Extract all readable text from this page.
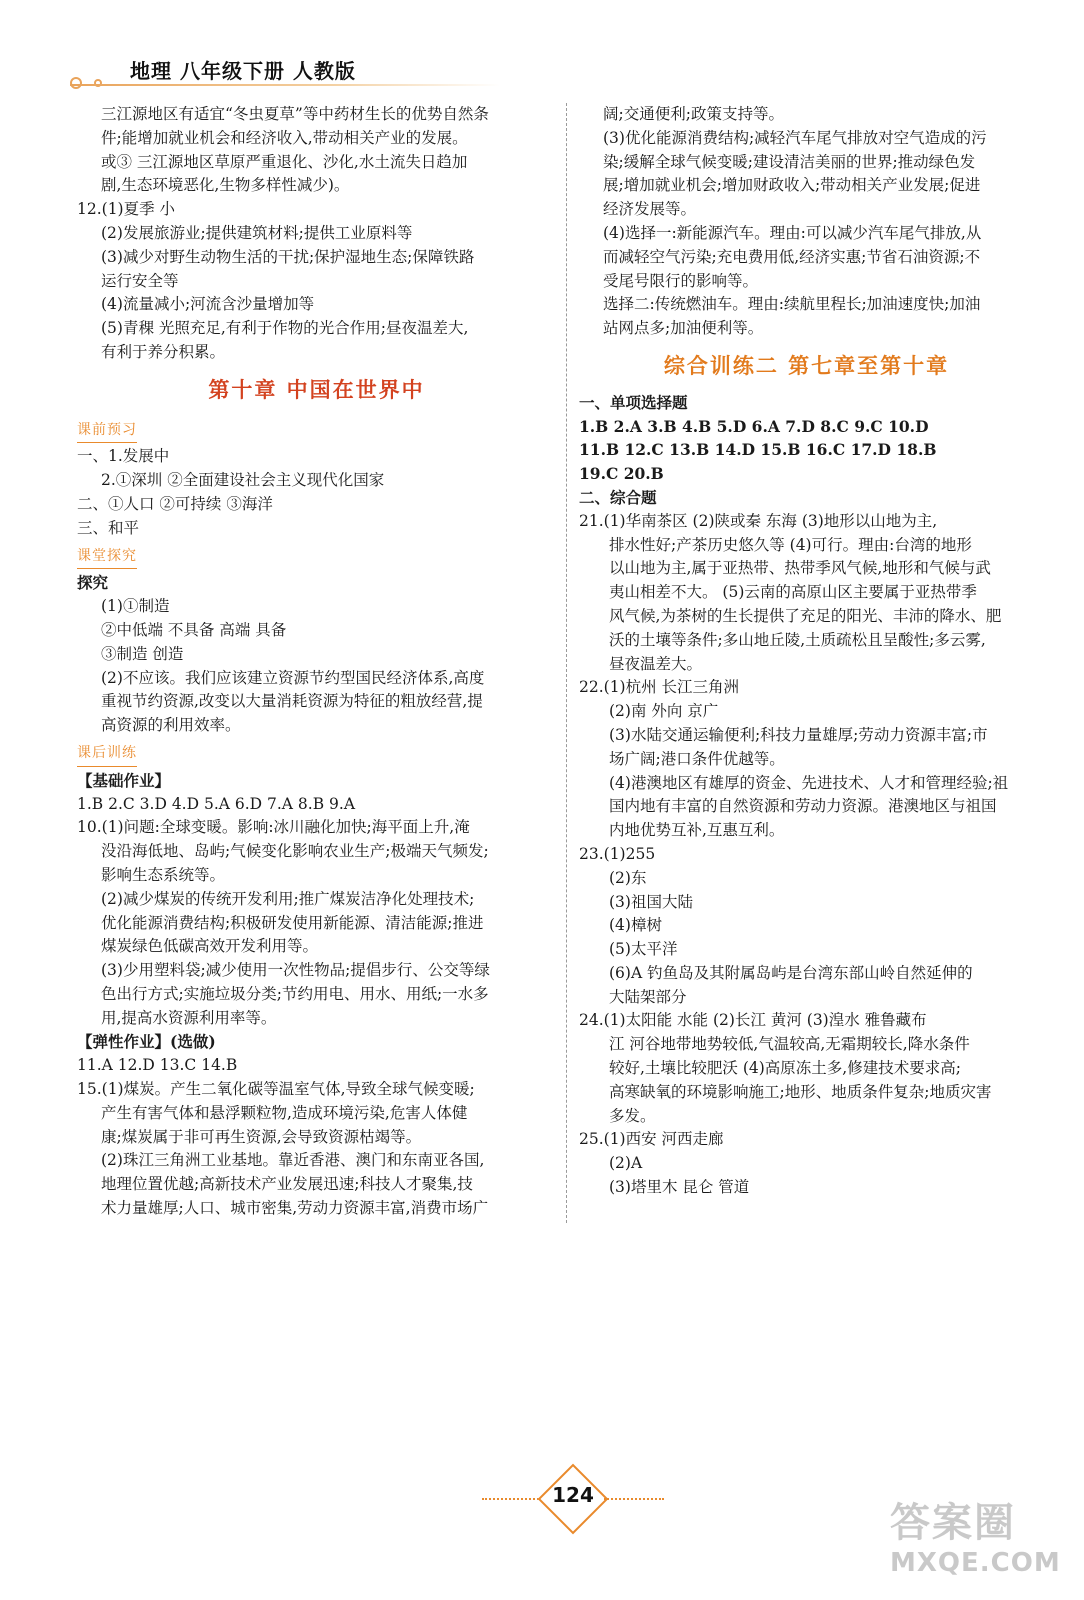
地理 八年级下册 人教版
三江源地区有适宜“冬虫夏草”等中药材生长的优势自然条
件;能增加就业机会和经济收入,带动相关产业的发展。
或③ 三江源地区草原严重退化、沙化,水土流失日趋加
剧,生态环境恶化,生物多样性减少)。
12.(1)夏季 小
(2)发展旅游业;提供建筑材料;提供工业原料等
(3)减少对野生动物生活的干扰;保护湿地生态;保障铁路
运行安全等
(4)流量减小;河流含沙量增加等
(5)青稞 光照充足,有利于作物的光合作用;昼夜温差大,
有利于养分积累。
第十章 中国在世界中
课前预习
一、1.发展中
2.①深圳 ②全面建设社会主义现代化国家
二、①人口 ②可持续 ③海洋
三、和平
课堂探究
探究
(1)①制造
②中低端 不具备 高端 具备
③制造 创造
(2)不应该。我们应该建立资源节约型国民经济体系,高度
重视节约资源,改变以大量消耗资源为特征的粗放经营,提
高资源的利用效率。
课后训练
【基础作业】
1.B 2.C 3.D 4.D 5.A 6.D 7.A 8.B 9.A
10.(1)问题:全球变暖。影响:冰川融化加快;海平面上升,淹
没沿海低地、岛屿;气候变化影响农业生产;极端天气频发;
影响生态系统等。
(2)减少煤炭的传统开发利用;推广煤炭洁净化处理技术;
优化能源消费结构;积极研发使用新能源、清洁能源;推进
煤炭绿色低碳高效开发利用等。
(3)少用塑料袋;减少使用一次性物品;提倡步行、公交等绿
色出行方式;实施垃圾分类;节约用电、用水、用纸;一水多
用,提高水资源利用率等。
【弹性作业】(选做)
11.A 12.D 13.C 14.B
15.(1)煤炭。产生二氧化碳等温室气体,导致全球气候变暖;
产生有害气体和悬浮颗粒物,造成环境污染,危害人体健
康;煤炭属于非可再生资源,会导致资源枯竭等。
(2)珠江三角洲工业基地。靠近香港、澳门和东南亚各国,
地理位置优越;高新技术产业发展迅速;科技人才聚集,技
术力量雄厚;人口、城市密集,劳动力资源丰富,消费市场广
阔;交通便利;政策支持等。
(3)优化能源消费结构;减轻汽车尾气排放对空气造成的污
染;缓解全球气候变暖;建设清洁美丽的世界;推动绿色发
展;增加就业机会;增加财政收入;带动相关产业发展;促进
经济发展等。
(4)选择一:新能源汽车。理由:可以减少汽车尾气排放,从
而减轻空气污染;充电费用低,经济实惠;节省石油资源;不
受尾号限行的影响等。
选择二:传统燃油车。理由:续航里程长;加油速度快;加油
站网点多;加油便利等。
综合训练二 第七章至第十章
一、单项选择题
1.B 2.A 3.B 4.B 5.D 6.A 7.D 8.C 9.C 10.D
11.B 12.C 13.B 14.D 15.B 16.C 17.D 18.B
19.C 20.B
二、综合题
21.(1)华南茶区 (2)陕或秦 东海 (3)地形以山地为主,
排水性好;产茶历史悠久等 (4)可行。理由:台湾的地形
以山地为主,属于亚热带、热带季风气候,地形和气候与武
夷山相差不大。 (5)云南的高原山区主要属于亚热带季
风气候,为茶树的生长提供了充足的阳光、丰沛的降水、肥
沃的土壤等条件;多山地丘陵,土质疏松且呈酸性;多云雾,
昼夜温差大。
22.(1)杭州 长江三角洲
(2)南 外向 京广
(3)水陆交通运输便利;科技力量雄厚;劳动力资源丰富;市
场广阔;港口条件优越等。
(4)港澳地区有雄厚的资金、先进技术、人才和管理经验;祖
国内地有丰富的自然资源和劳动力资源。港澳地区与祖国
内地优势互补,互惠互利。
23.(1)255
(2)东
(3)祖国大陆
(4)樟树
(5)太平洋
(6)A 钓鱼岛及其附属岛屿是台湾东部山岭自然延伸的
大陆架部分
24.(1)太阳能 水能 (2)长江 黄河 (3)湟水 雅鲁藏布
江 河谷地带地势较低,气温较高,无霜期较长,降水条件
较好,土壤比较肥沃 (4)高原冻土多,修建技术要求高;
高寒缺氧的环境影响施工;地形、地质条件复杂;地质灾害
多发。
25.(1)西安 河西走廊
(2)A
(3)塔里木 昆仑 管道
124
答案圈
MXQE.COM
